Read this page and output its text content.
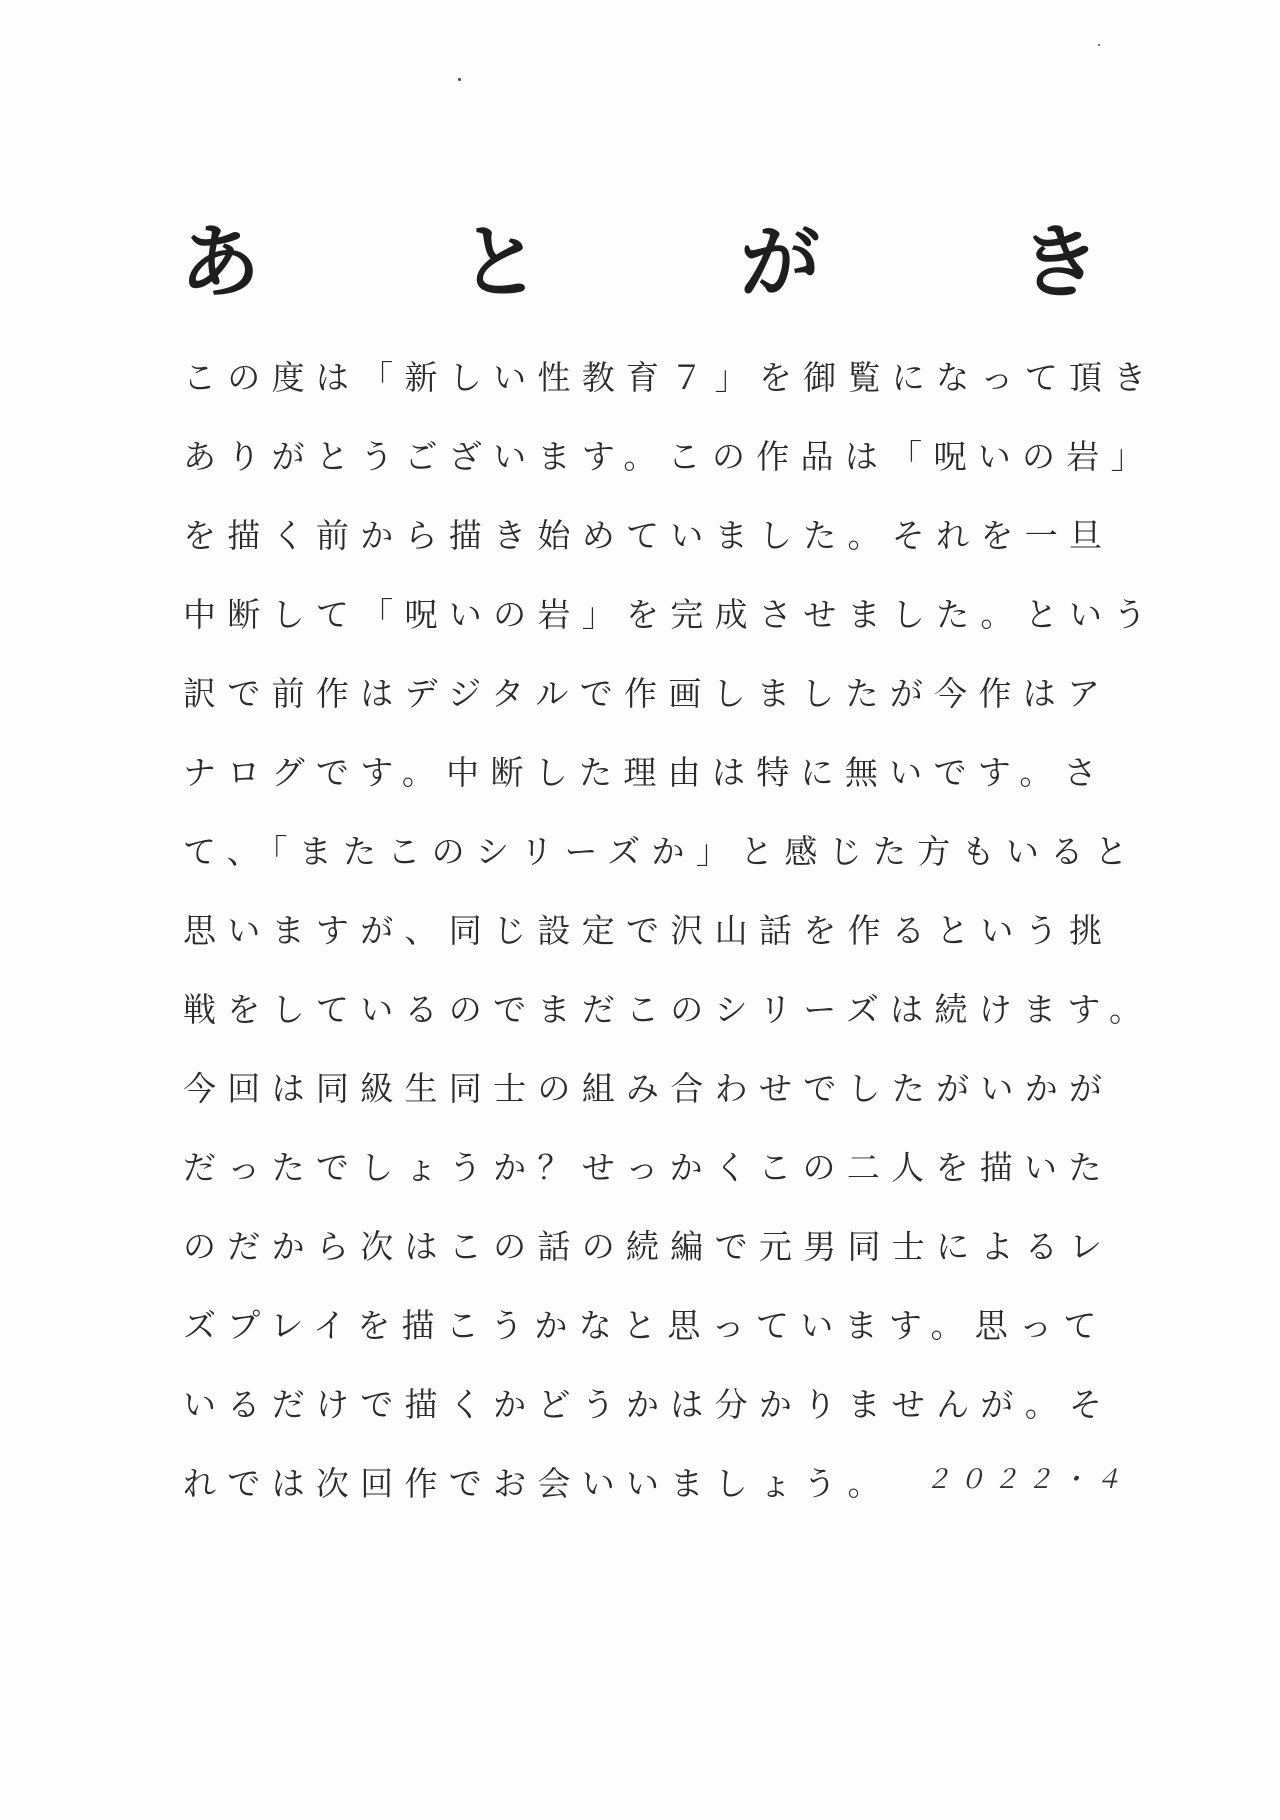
あ	と	が	き
この度は「新しい性教育７」を御覧になって頂き
ありがとうございます。この作品は「呪いの岩」
を描く前から描き始めていました。それを一旦
中断して「呪いの岩」を完成させました。という
訳で前作はデジタルで作画しましたが今作はア
ナログです。中断した理由は特に無いです。さ
て、「またこのシリーズか」と感じた方もいると
思いますが、同じ設定で沢山話を作るという挑
戦をしているのでまだこのシリーズは続けます。
今回は同級生同士の組み合わせでしたがいかが
だったでしょうか？せっかくこの二人を描いた
のだから次はこの話の続編で元男同士によるレ
ズプレイを描こうかなと思っています。思って
いるだけで描くかどうかは分かりませんが。そ
れでは次回作でお会いいましょう。	２０２２・４
